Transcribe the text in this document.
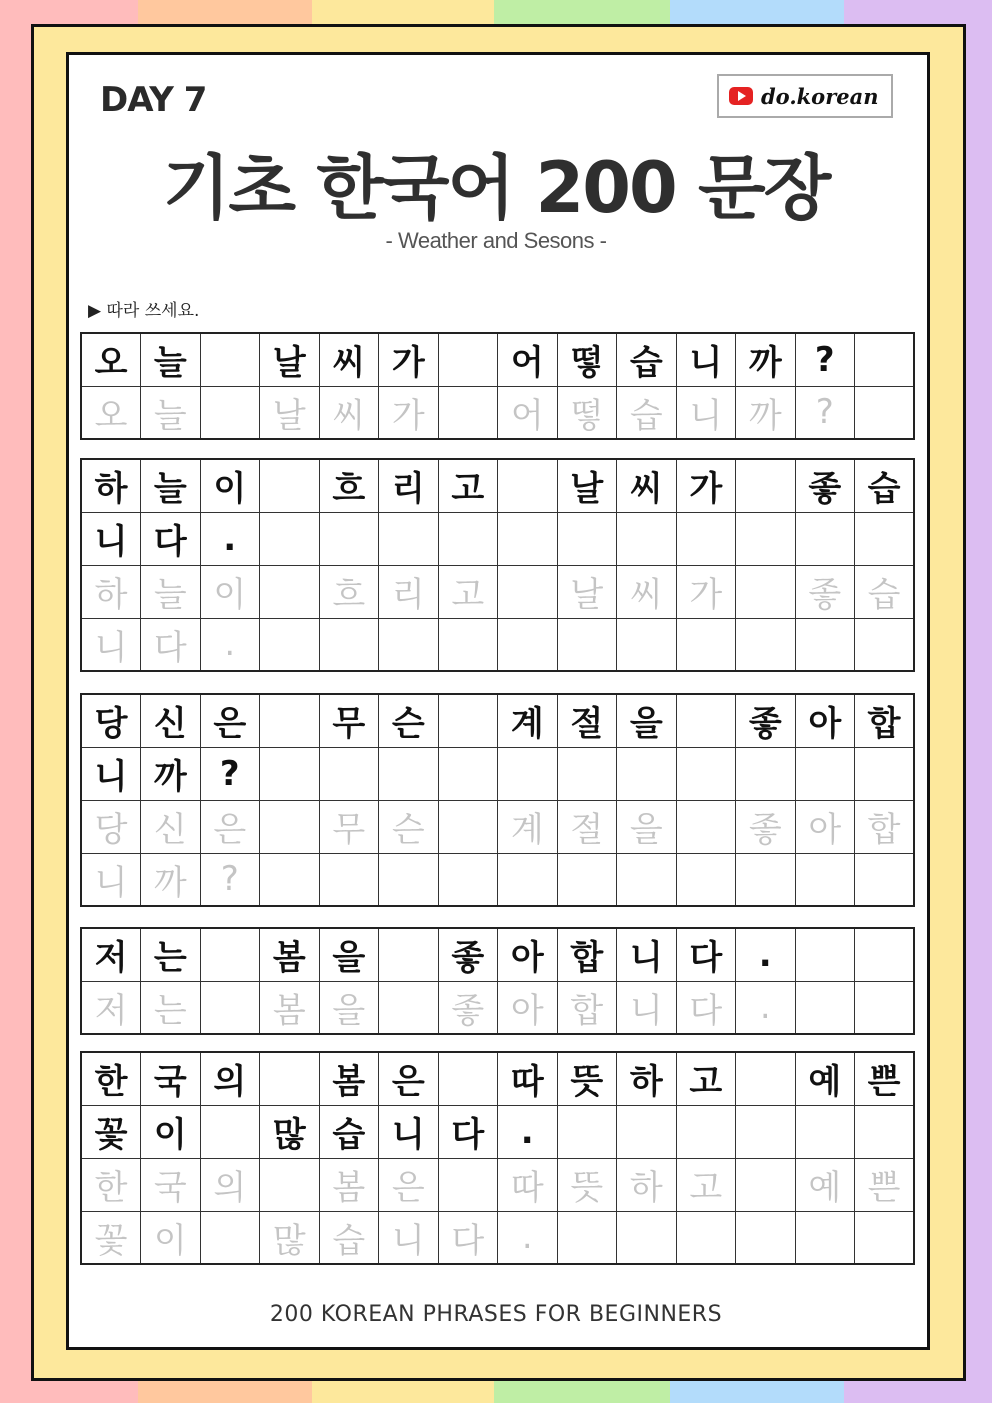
DAY 7	do.korean
기초 한국어 200 문장
- Weather and Sesons -
▶ 따라 쓰세요.
오	늘		날	씨	가		어	떻	습	니	까	?	
오	늘		날	씨	가		어	떻	습	니	까	?	
하	늘	이		흐	리	고		날	씨	가		좋	습
니	다	.											
하	늘	이		흐	리	고		날	씨	가		좋	습
니	다	.											
당	신	은		무	슨		계	절	을		좋	아	합
니	까	?											
당	신	은		무	슨		계	절	을		좋	아	합
니	까	?											
저	는		봄	을		좋	아	합	니	다	.		
저	는		봄	을		좋	아	합	니	다	.		
한	국	의		봄	은		따	뜻	하	고		예	쁜
꽃	이		많	습	니	다	.						
한	국	의		봄	은		따	뜻	하	고		예	쁜
꽃	이		많	습	니	다	.						
200 KOREAN PHRASES FOR BEGINNERS
